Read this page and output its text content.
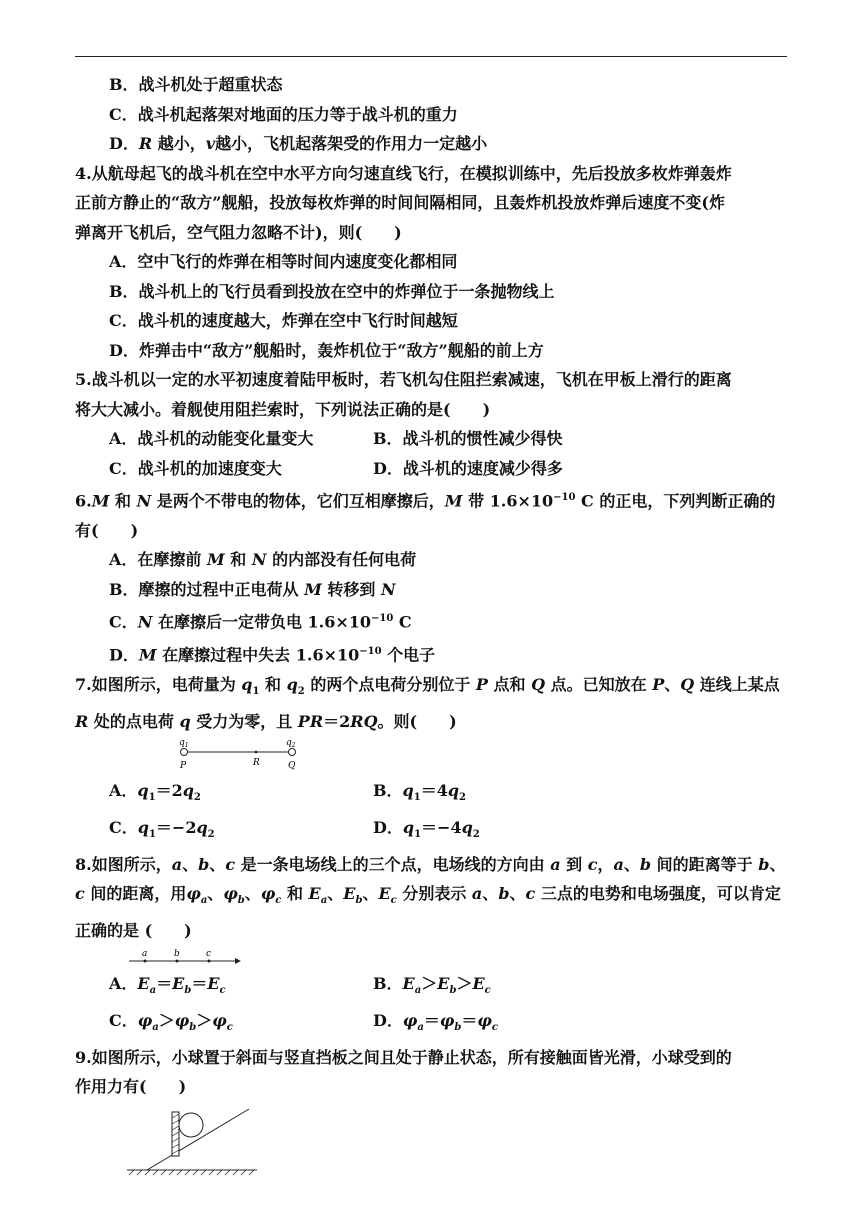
B．战斗机处于超重状态
C．战斗机起落架对地面的压力等于战斗机的重力
D．R 越小，v越小，飞机起落架受的作用力一定越小
4.从航母起飞的战斗机在空中水平方向匀速直线飞行，在模拟训练中，先后投放多枚炸弹轰炸
正前方静止的“敌方”舰船，投放每枚炸弹的时间间隔相同，且轰炸机投放炸弹后速度不变(炸
弹离开飞机后，空气阻力忽略不计)，则(　　)
A．空中飞行的炸弹在相等时间内速度变化都相同
B．战斗机上的飞行员看到投放在空中的炸弹位于一条抛物线上
C．战斗机的速度越大，炸弹在空中飞行时间越短
D．炸弹击中“敌方”舰船时，轰炸机位于“敌方”舰船的前上方
5.战斗机以一定的水平初速度着陆甲板时，若飞机勾住阻拦索减速，飞机在甲板上滑行的距离
将大大减小。着舰使用阻拦索时，下列说法正确的是(　　)
A．战斗机的动能变化量变大	B．战斗机的惯性减少得快
C．战斗机的加速度变大	D．战斗机的速度减少得多
6.M 和 N 是两个不带电的物体，它们互相摩擦后，M 带 $1.6\times 10^{-10}$ C 的正电，下列判断正确的
有(　　)
A．在摩擦前 M 和 N 的内部没有任何电荷
B．摩擦的过程中正电荷从 M 转移到 N
C．N 在摩擦后一定带负电 $1.6\times 10^{-10}$ C
D．M 在摩擦过程中失去 $1.6\times 10^{-10}$ 个电子
7.如图所示，电荷量为 $q_1$ 和 $q_2$ 的两个点电荷分别位于 P 点和 Q 点。已知放在 P、Q 连线上某点
R 处的点电荷 q 受力为零，且 PR＝2RQ。则(　　)
$q_1$	$q_2$
P	R	Q
A．$q_1=2q_2$	B．$q_1=4q_2$
C．$q_1=-2q_2$	D．$q_1=-4q_2$
8.如图所示，a、b、c 是一条电场线上的三个点，电场线的方向由 a 到 c，a、b 间的距离等于 b、
c 间的距离，用$\varphi_a$、$\varphi_b$、$\varphi_c$ 和 $E_a$、$E_b$、$E_c$ 分别表示 a、b、c 三点的电势和电场强度，可以肯定
正确的是 (　　)
a	b	c
A．$E_a=E_b=E_c$	B．$E_a>E_b>E_c$
C．$\varphi_a>\varphi_b>\varphi_c$	D．$\varphi_a=\varphi_b=\varphi_c$
9.如图所示，小球置于斜面与竖直挡板之间且处于静止状态，所有接触面皆光滑，小球受到的
作用力有(　　)
